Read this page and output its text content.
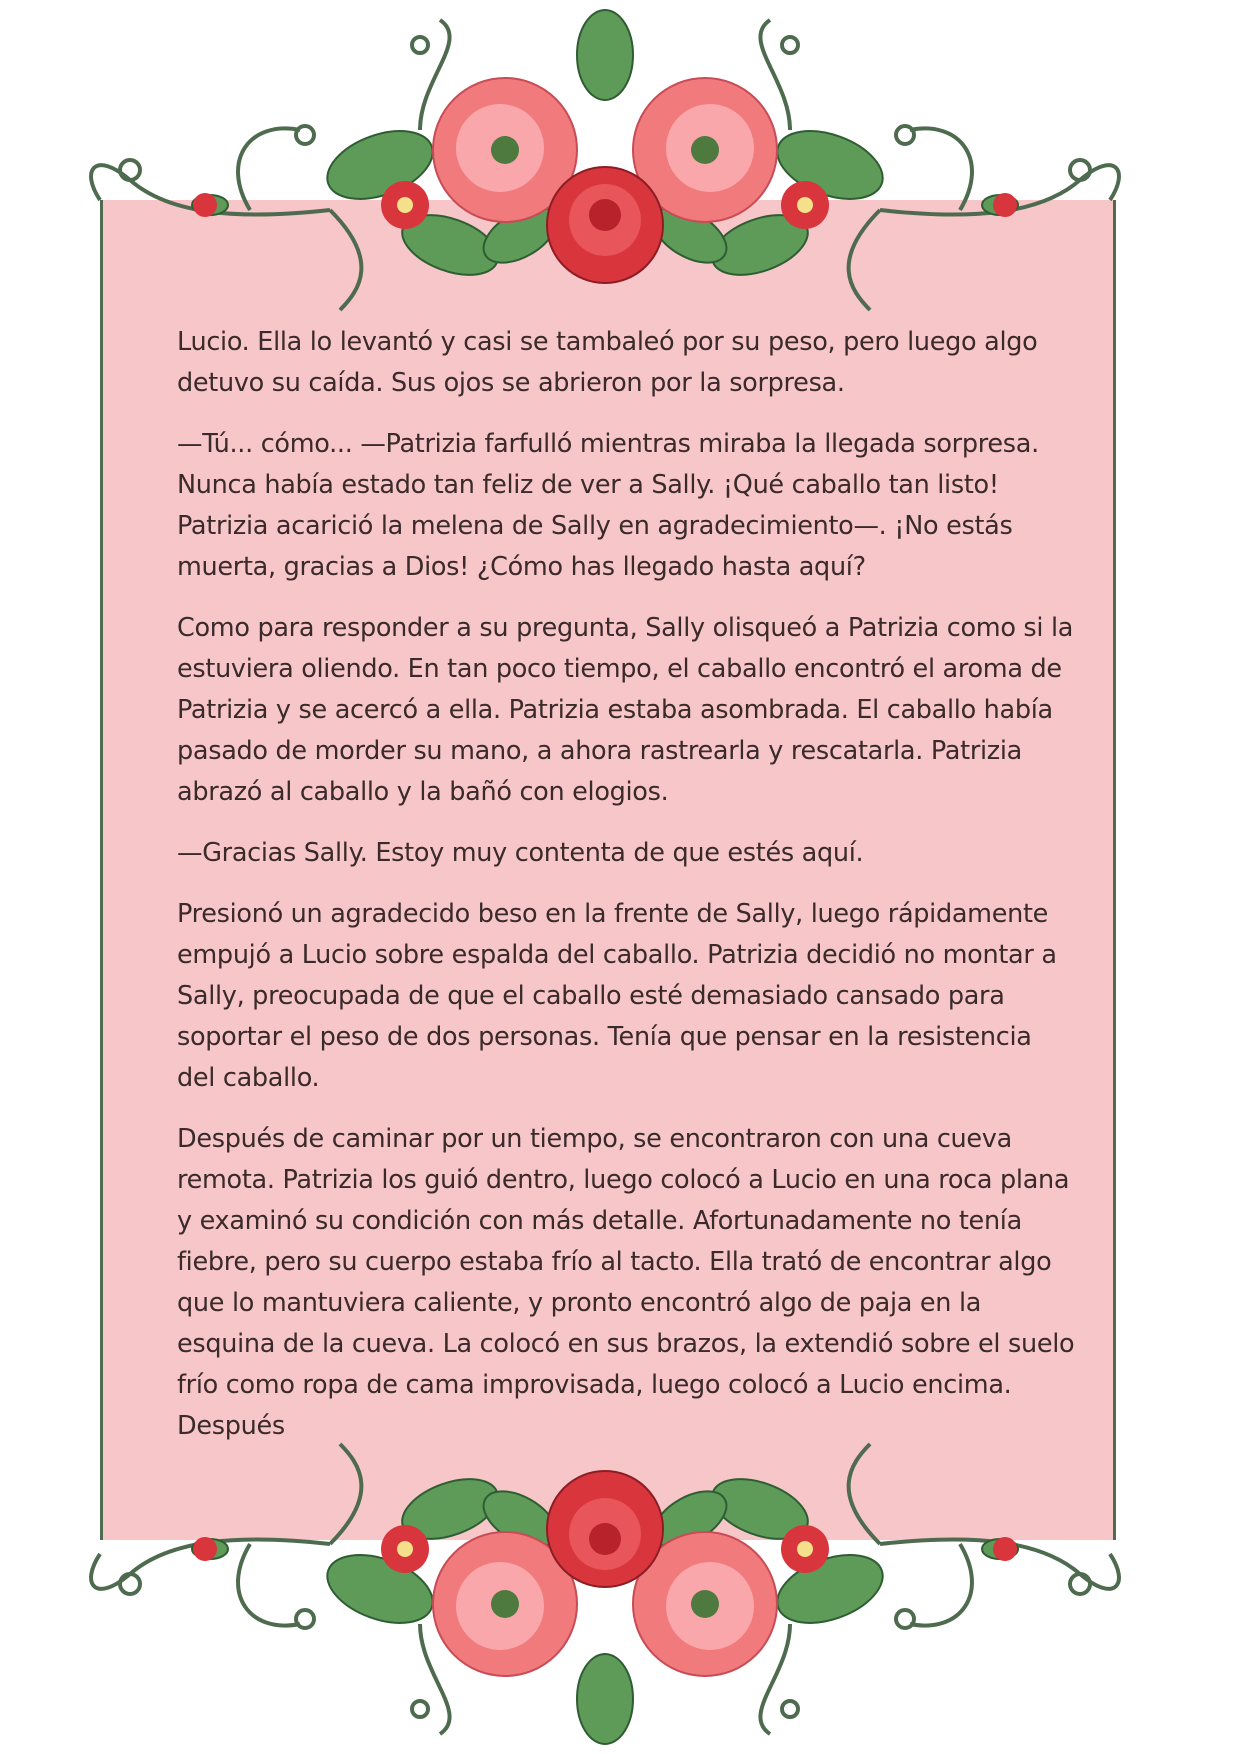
Lucio. Ella lo levantó y casi se tambaleó por su peso, pero luego algo detuvo su caída. Sus ojos se abrieron por la sorpresa.

—Tú... cómo... —Patrizia farfulló mientras miraba la llegada sorpresa. Nunca había estado tan feliz de ver a Sally. ¡Qué caballo tan listo! Patrizia acarició la melena de Sally en agradecimiento—. ¡No estás muerta, gracias a Dios! ¿Cómo has llegado hasta aquí?

Como para responder a su pregunta, Sally olisqueó a Patrizia como si la estuviera oliendo. En tan poco tiempo, el caballo encontró el aroma de Patrizia y se acercó a ella. Patrizia estaba asombrada. El caballo había pasado de morder su mano, a ahora rastrearla y rescatarla. Patrizia abrazó al caballo y la bañó con elogios.

—Gracias Sally. Estoy muy contenta de que estés aquí.

Presionó un agradecido beso en la frente de Sally, luego rápidamente empujó a Lucio sobre espalda del caballo. Patrizia decidió no montar a Sally, preocupada de que el caballo esté demasiado cansado para soportar el peso de dos personas. Tenía que pensar en la resistencia del caballo.

Después de caminar por un tiempo, se encontraron con una cueva remota. Patrizia los guió dentro, luego colocó a Lucio en una roca plana y examinó su condición con más detalle. Afortunadamente no tenía fiebre, pero su cuerpo estaba frío al tacto. Ella trató de encontrar algo que lo mantuviera caliente, y pronto encontró algo de paja en la esquina de la cueva. La colocó en sus brazos, la extendió sobre el suelo frío como ropa de cama improvisada, luego colocó a Lucio encima. Después
